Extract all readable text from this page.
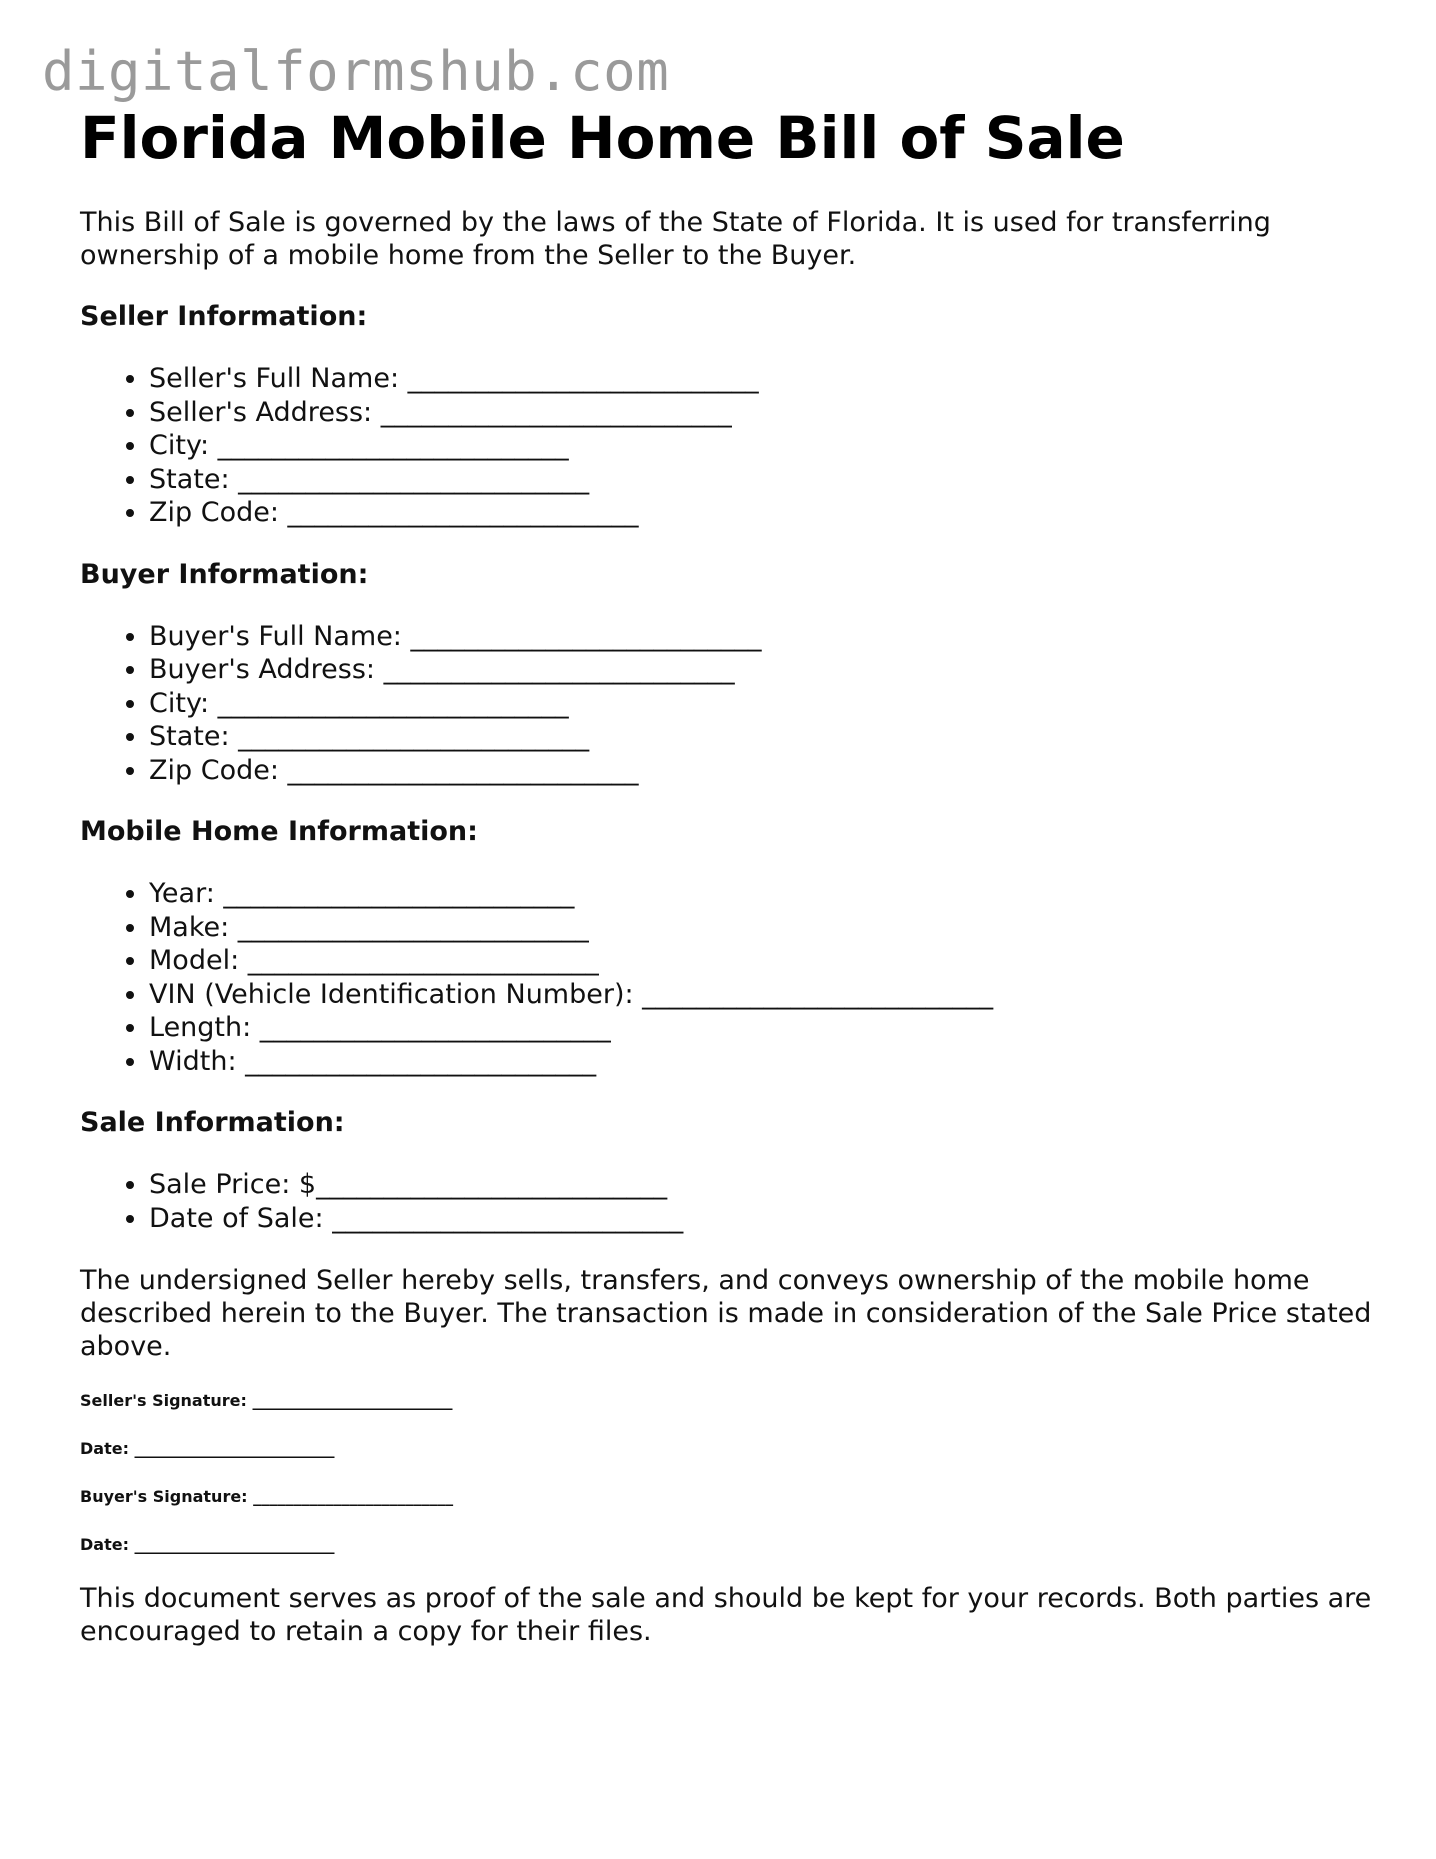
digitalformshub.com
Florida Mobile Home Bill of Sale

This Bill of Sale is governed by the laws of the State of Florida. It is used for transferring ownership of a mobile home from the Seller to the Buyer.

Seller Information:
• Seller's Full Name: __________________________
• Seller's Address: __________________________
• City: __________________________
• State: __________________________
• Zip Code: __________________________
Buyer Information:
• Buyer's Full Name: __________________________
• Buyer's Address: __________________________
• City: __________________________
• State: __________________________
• Zip Code: __________________________
Mobile Home Information:
• Year: __________________________
• Make: __________________________
• Model: __________________________
• VIN (Vehicle Identification Number): __________________________
• Length: __________________________
• Width: __________________________
Sale Information:
• Sale Price: $__________________________
• Date of Sale: __________________________

The undersigned Seller hereby sells, transfers, and conveys ownership of the mobile home described herein to the Buyer. The transaction is made in consideration of the Sale Price stated above.

Seller's Signature: _________________________
Date: _________________________
Buyer's Signature: _________________________
Date: _________________________

This document serves as proof of the sale and should be kept for your records. Both parties are encouraged to retain a copy for their files.
